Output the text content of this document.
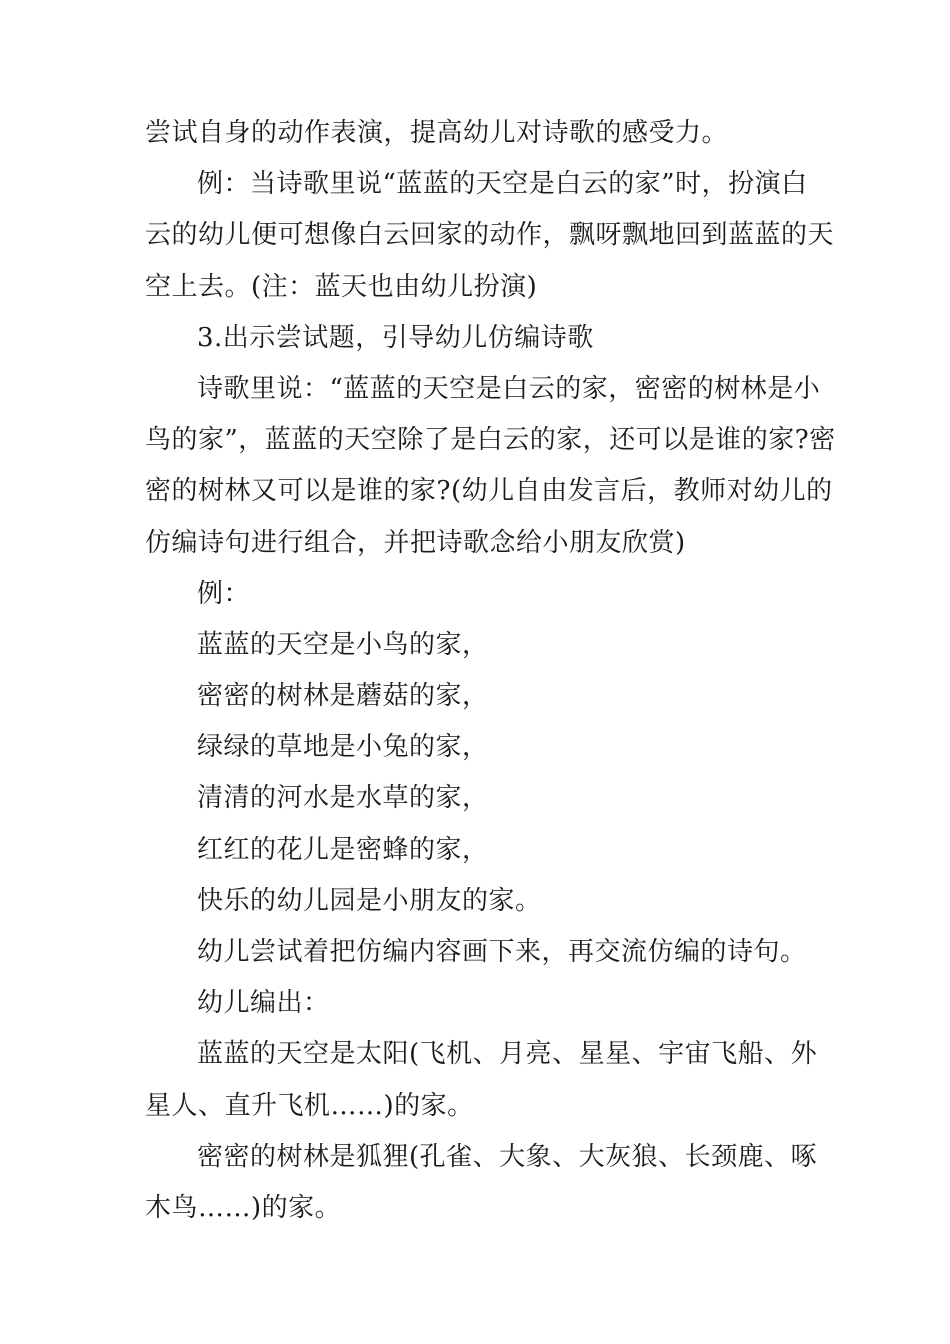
尝试自身的动作表演，提高幼儿对诗歌的感受力。
例：当诗歌里说“蓝蓝的天空是白云的家”时，扮演白
云的幼儿便可想像白云回家的动作，飘呀飘地回到蓝蓝的天
空上去。(注：蓝天也由幼儿扮演)
3.出示尝试题，引导幼儿仿编诗歌
诗歌里说：“蓝蓝的天空是白云的家，密密的树林是小
鸟的家”，蓝蓝的天空除了是白云的家，还可以是谁的家?密
密的树林又可以是谁的家?(幼儿自由发言后，教师对幼儿的
仿编诗句进行组合，并把诗歌念给小朋友欣赏)
例：
蓝蓝的天空是小鸟的家，
密密的树林是蘑菇的家，
绿绿的草地是小兔的家，
清清的河水是水草的家，
红红的花儿是密蜂的家，
快乐的幼儿园是小朋友的家。
幼儿尝试着把仿编内容画下来，再交流仿编的诗句。
幼儿编出：
蓝蓝的天空是太阳(飞机、月亮、星星、宇宙飞船、外
星人、直升飞机……)的家。
密密的树林是狐狸(孔雀、大象、大灰狼、长颈鹿、啄
木鸟……)的家。
